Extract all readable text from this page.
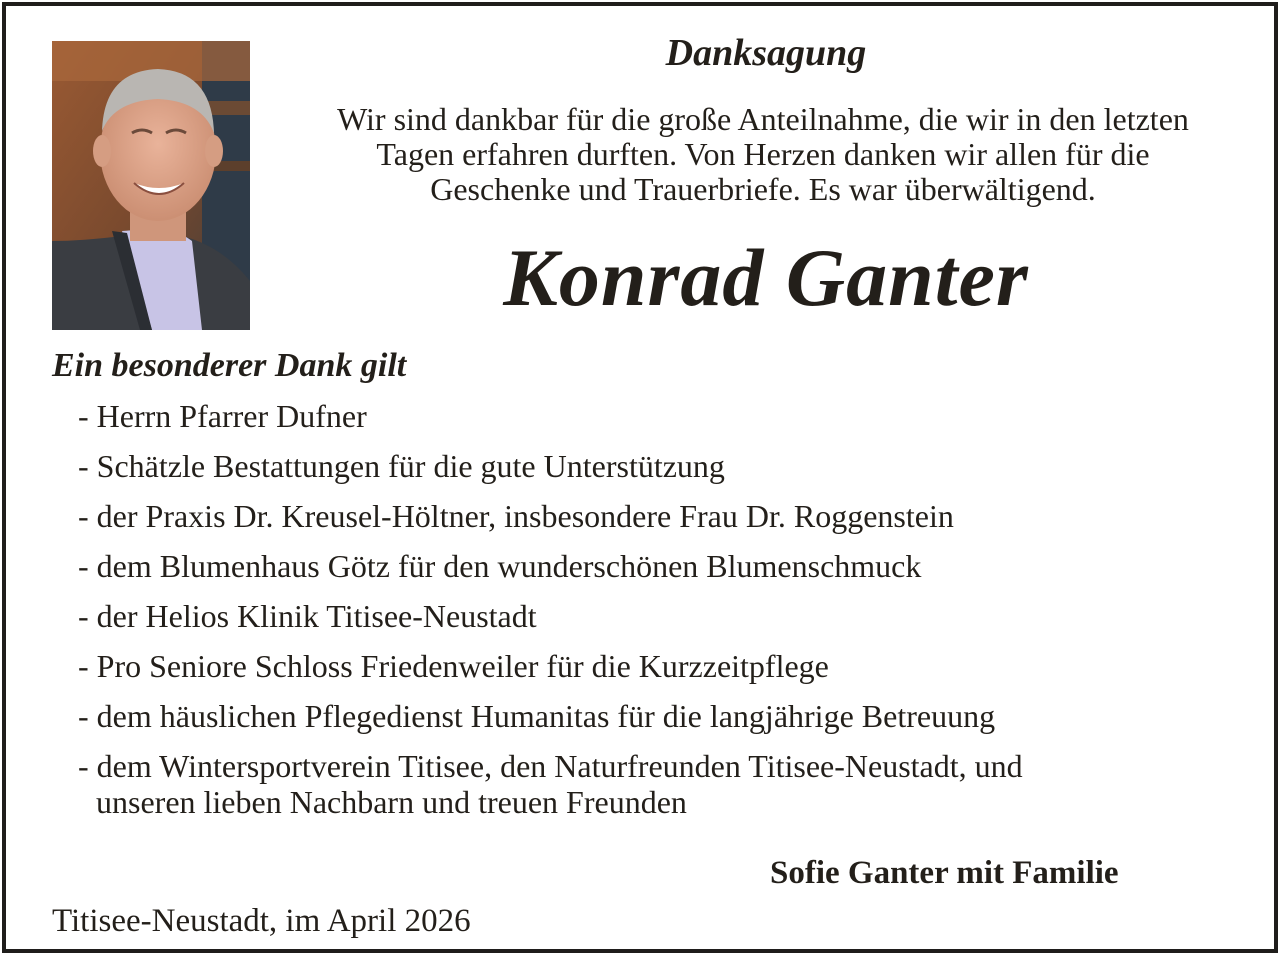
Danksagung
Wir sind dankbar für die große Anteilnahme, die wir in den letzten
Tagen erfahren durften. Von Herzen danken wir allen für die
Geschenke und Trauerbriefe. Es war überwältigend.
Konrad Ganter
Ein besonderer Dank gilt
- Herrn Pfarrer Dufner
- Schätzle Bestattungen für die gute Unterstützung
- der Praxis Dr. Kreusel-Höltner, insbesondere Frau Dr. Roggenstein
- dem Blumenhaus Götz für den wunderschönen Blumenschmuck
- der Helios Klinik Titisee-Neustadt
- Pro Seniore Schloss Friedenweiler für die Kurzzeitpflege
- dem häuslichen Pflegedienst Humanitas für die langjährige Betreuung
- dem Wintersportverein Titisee, den Naturfreunden Titisee-Neustadt, und
unseren lieben Nachbarn und treuen Freunden
Sofie Ganter mit Familie
Titisee-Neustadt, im April 2026
